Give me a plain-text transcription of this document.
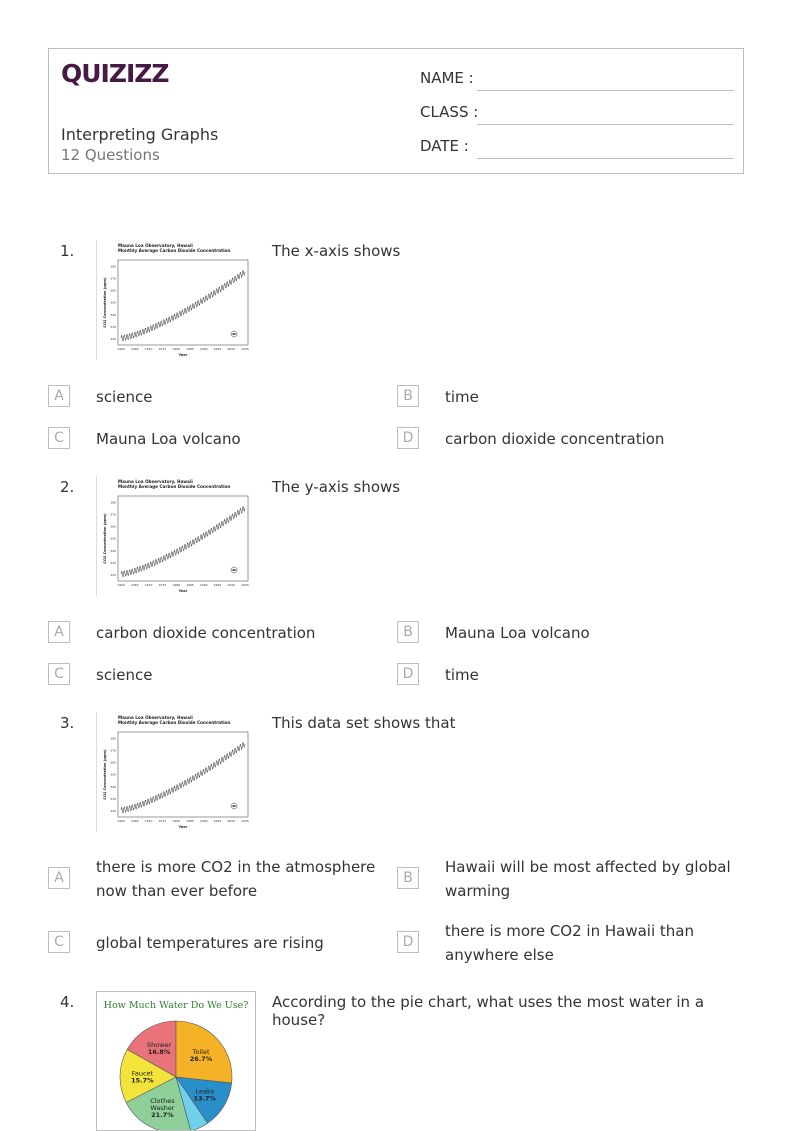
QUIZIZZ
Interpreting Graphs
12 Questions
NAME :
CLASS :
DATE :
1.	Mauna Loa Observatory, Hawaii
Monthly Average Carbon Dioxide Concentration
320
330
340
350
360
370
380
1960 1965 1970 1975 1980 1985 1990 1995 2000 2005
Year
CO2 Concentration (ppm)
The x-axis shows
A	science	B	time
C	Mauna Loa volcano	D	carbon dioxide concentration
2.	Mauna Loa Observatory, Hawaii
Monthly Average Carbon Dioxide Concentration
320
330
340
350
360
370
380
1960 1965 1970 1975 1980 1985 1990 1995 2000 2005
Year
CO2 Concentration (ppm)
The y-axis shows
A	carbon dioxide concentration	B	Mauna Loa volcano
C	science	D	time
3.	Mauna Loa Observatory, Hawaii
Monthly Average Carbon Dioxide Concentration
320
330
340
350
360
370
380
1960 1965 1970 1975 1980 1985 1990 1995 2000 2005
Year
CO2 Concentration (ppm)
This data set shows that
A
there is more CO2 in the atmosphere now than ever before
B
Hawaii will be most affected by global warming
C	global temperatures are rising	D
there is more CO2 in Hawaii than anywhere else
4.	How Much Water Do We Use?
Shower
16.8%	Toilet
26.7%
Leaks
13.7%
Clothes
Washer
21.7%
Faucet
15.7%
According to the pie chart, what uses the most water in a house?
